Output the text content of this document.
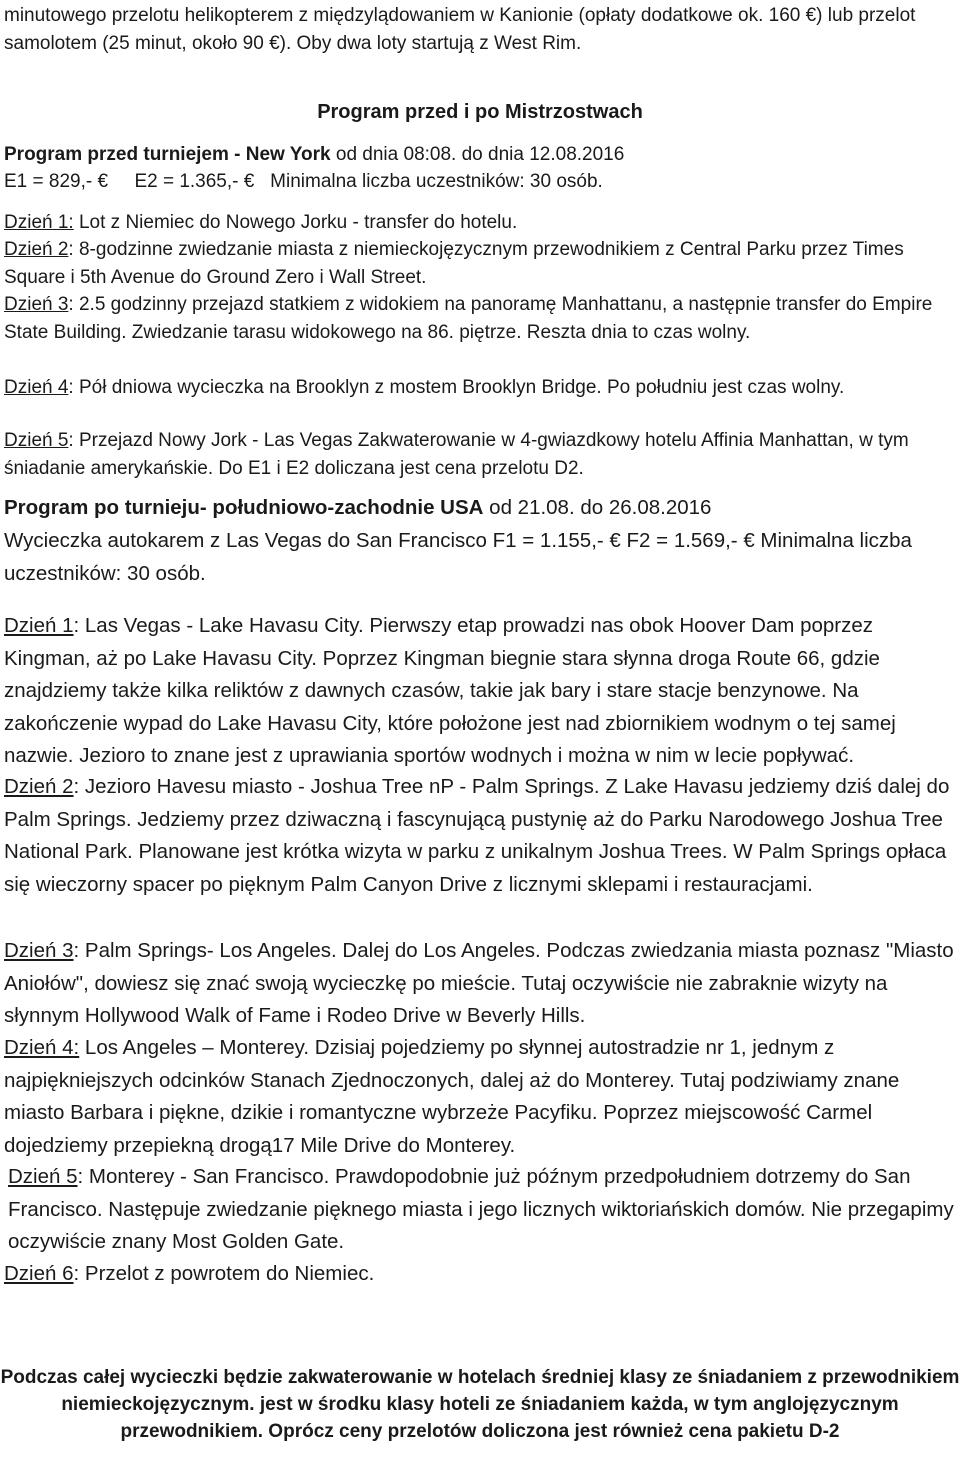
minutowego przelotu helikopterem z międzylądowaniem w Kanionie (opłaty dodatkowe ok. 160 €) lub przelot samolotem (25 minut, około 90 €). Oby dwa loty startują z West Rim.
Program przed i po Mistrzostwach
Program przed turniejem - New York od dnia 08:08. do dnia 12.08.2016
E1 = 829,- €     E2 = 1.365,- €   Minimalna liczba uczestników: 30 osób.
Dzień 1: Lot z Niemiec do Nowego Jorku - transfer do hotelu.
Dzień 2: 8-godzinne zwiedzanie miasta z niemieckojęzycznym przewodnikiem z Central Parku przez Times Square i 5th Avenue do Ground Zero i Wall Street.
Dzień 3: 2.5 godzinny przejazd statkiem z widokiem na panoramę Manhattanu, a następnie transfer do Empire State Building. Zwiedzanie tarasu widokowego na 86. piętrze. Reszta dnia to czas wolny.
Dzień 4: Pół dniowa wycieczka na Brooklyn z mostem Brooklyn Bridge. Po południu jest czas wolny.
Dzień 5: Przejazd Nowy Jork - Las Vegas Zakwaterowanie w 4-gwiazdkowy hotelu Affinia Manhattan, w tym śniadanie amerykańskie. Do E1 i E2 doliczana jest cena przelotu D2.
Program po turnieju- południowo-zachodnie USA od 21.08. do 26.08.2016
Wycieczka autokarem z Las Vegas do San Francisco F1 = 1.155,- € F2 = 1.569,- € Minimalna liczba uczestników: 30 osób.
Dzień 1: Las Vegas - Lake Havasu City. Pierwszy etap prowadzi nas obok Hoover Dam poprzez Kingman, aż po Lake Havasu City. Poprzez Kingman biegnie stara słynna droga Route 66, gdzie znajdziemy także kilka reliktów z dawnych czasów, takie jak bary i stare stacje benzynowe. Na zakończenie wypad do Lake Havasu City, które położone jest nad zbiornikiem wodnym o tej samej nazwie. Jezioro to znane jest z uprawiania sportów wodnych i można w nim w lecie popływać.
Dzień 2: Jezioro Havesu miasto - Joshua Tree nP - Palm Springs. Z Lake Havasu jedziemy dziś dalej do Palm Springs. Jedziemy przez dziwaczną i fascynującą pustynię aż do Parku Narodowego Joshua Tree National Park. Planowane jest krótka wizyta w parku z unikalnym Joshua Trees. W Palm Springs opłaca się wieczorny spacer po pięknym Palm Canyon Drive z licznymi sklepami i restauracjami.
Dzień 3: Palm Springs- Los Angeles. Dalej do Los Angeles. Podczas zwiedzania miasta poznasz "Miasto Aniołów", dowiesz się znać swoją wycieczkę po mieście. Tutaj oczywiście nie zabraknie wizyty na słynnym Hollywood Walk of Fame i Rodeo Drive w Beverly Hills.
Dzień 4: Los Angeles – Monterey. Dzisiaj pojedziemy po słynnej autostradzie nr 1, jednym z najpiękniejszych odcinków Stanach Zjednoczonych, dalej aż do Monterey. Tutaj podziwiamy znane miasto Barbara i piękne, dzikie i romantyczne wybrzeże Pacyfiku. Poprzez miejscowość Carmel dojedziemy przepiekną drogą17 Mile Drive do Monterey.
Dzień 5: Monterey - San Francisco. Prawdopodobnie już późnym przedpołudniem dotrzemy do San Francisco. Następuje zwiedzanie pięknego miasta i jego licznych wiktoriańskich domów. Nie przegapimy oczywiście znany Most Golden Gate.
Dzień 6: Przelot z powrotem do Niemiec.
Podczas całej wycieczki będzie zakwaterowanie w hotelach średniej klasy ze śniadaniem z przewodnikiem niemieckojęzycznym. jest w środku klasy hoteli ze śniadaniem każda, w tym anglojęzycznym przewodnikiem. Oprócz ceny przelotów doliczona jest również cena pakietu D-2
